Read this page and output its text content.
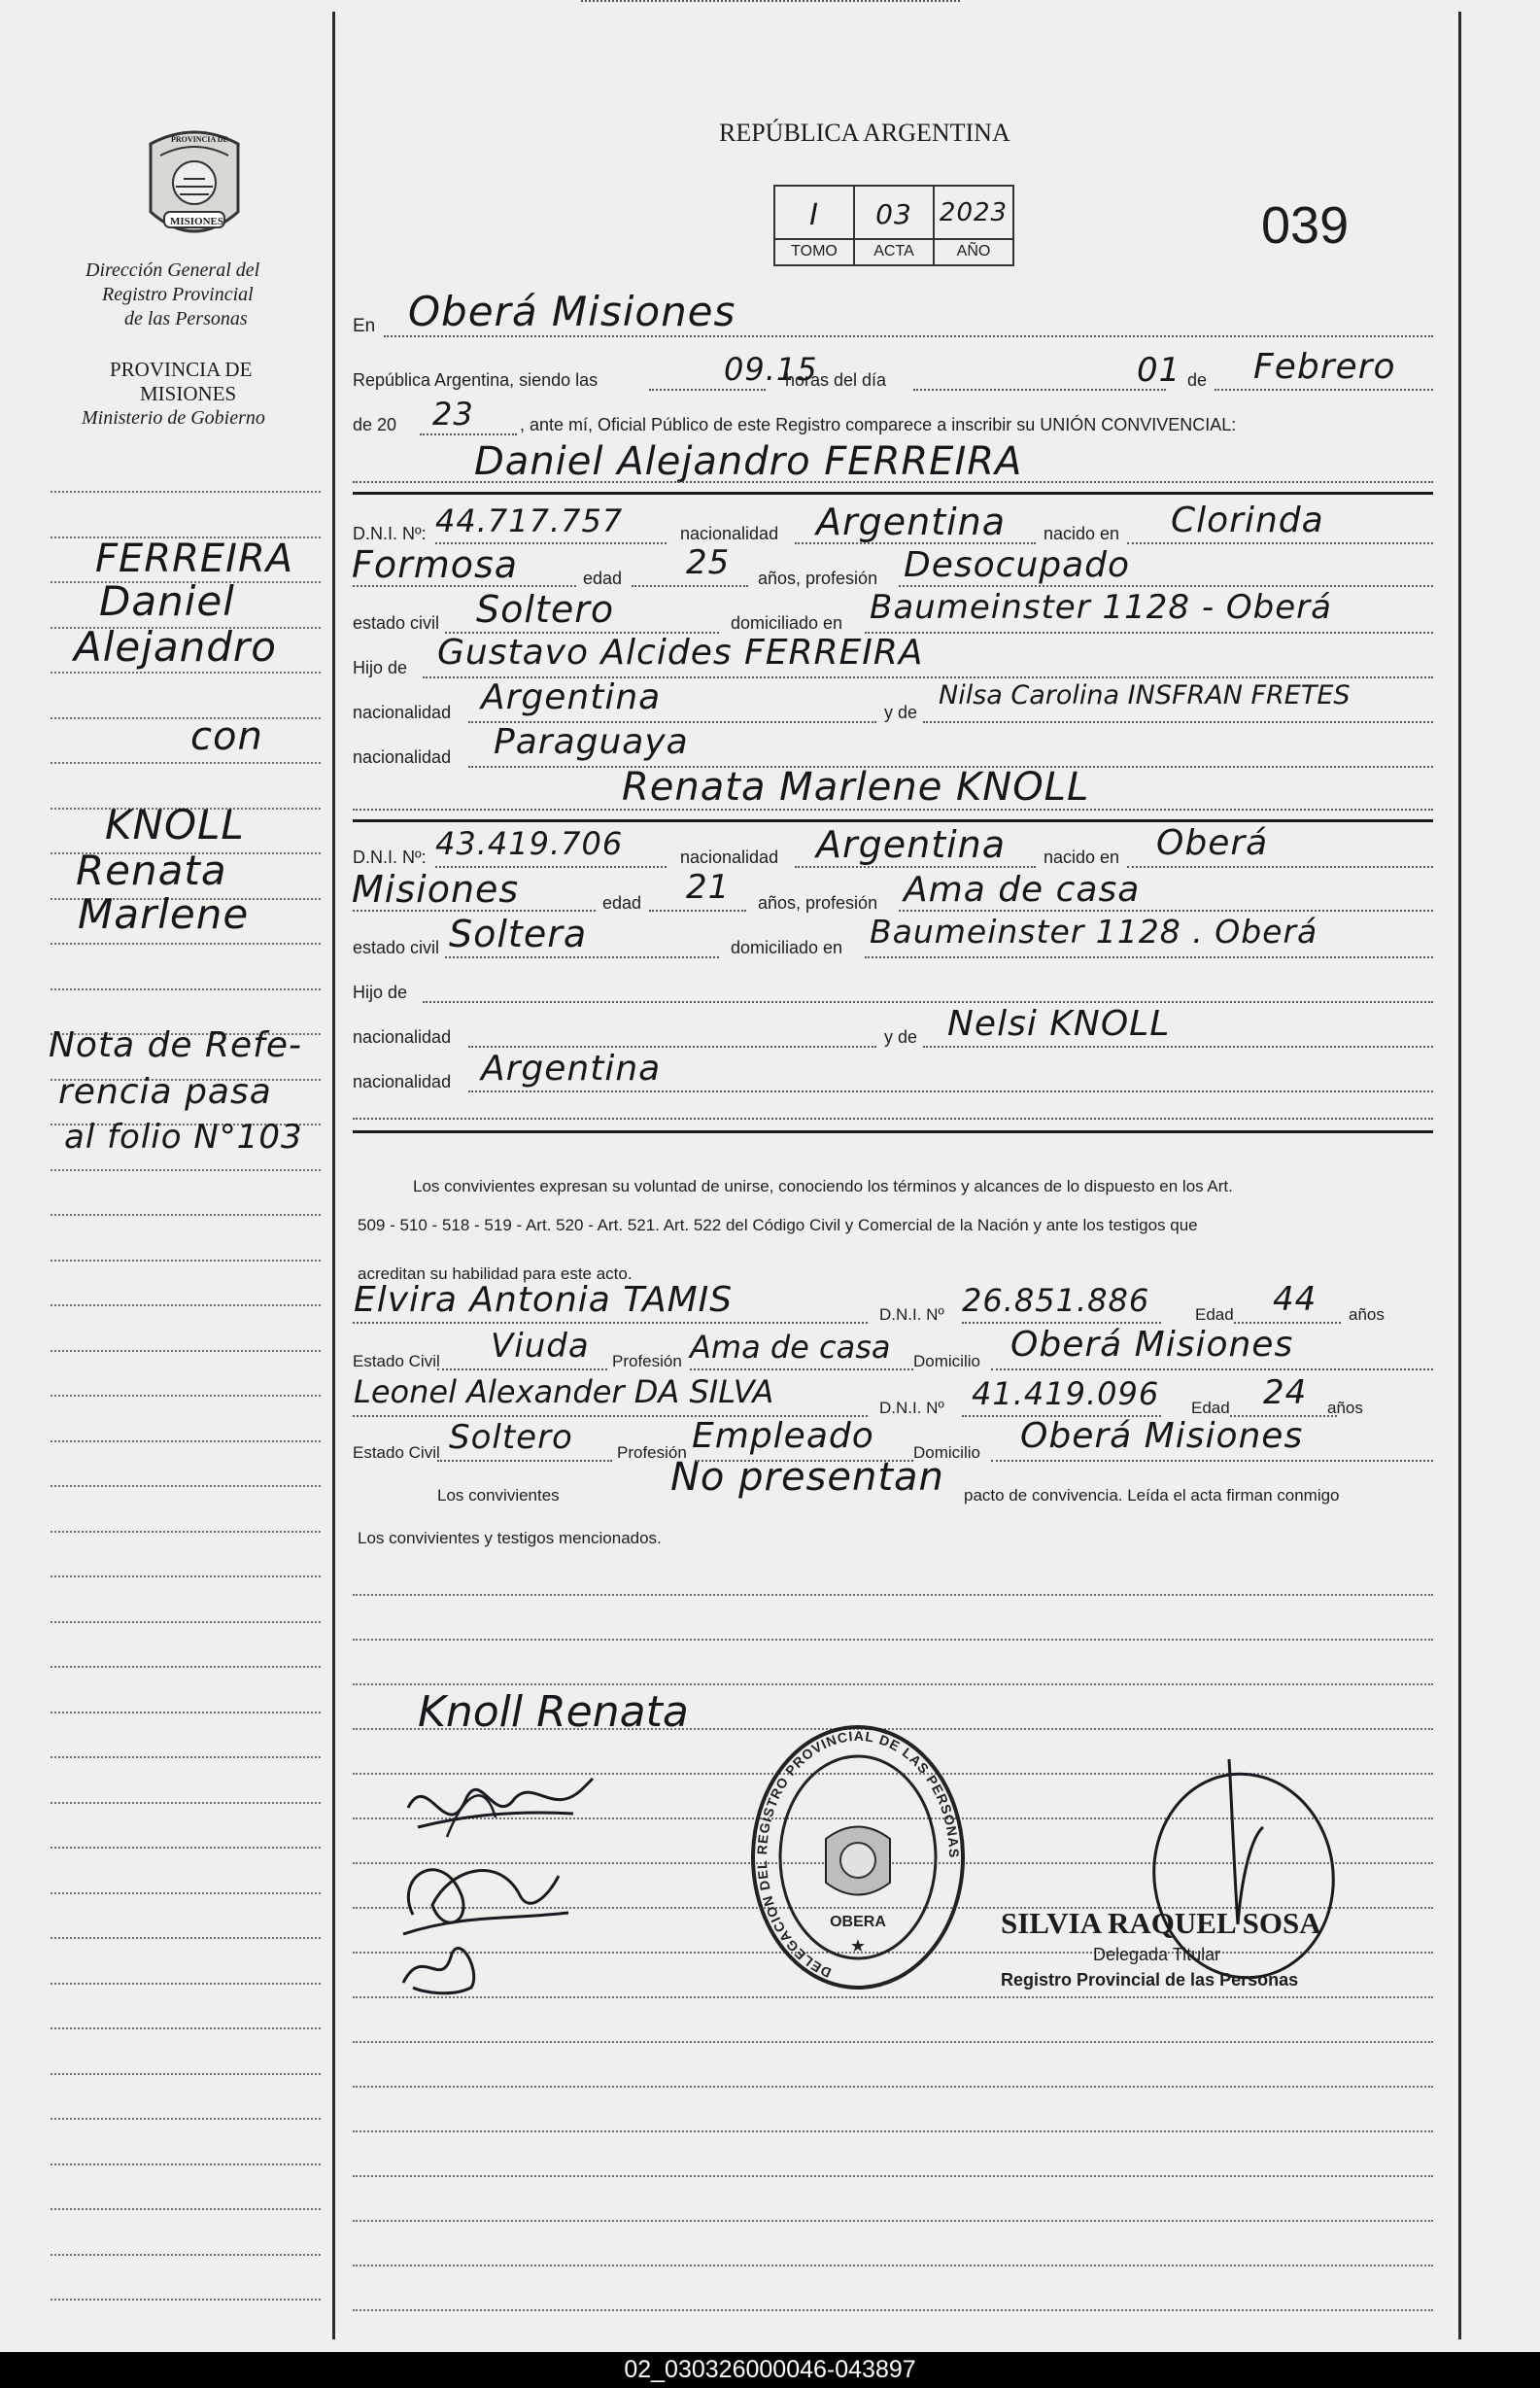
PROVINCIA DE
MISIONES
Dirección General del
Registro Provincial
de las Personas
PROVINCIA DE
MISIONES
Ministerio de Gobierno
FERREIRA
Daniel
Alejandro
con
KNOLL
Renata
Marlene
Nota de Refe-
rencia pasa
al folio N°103
REPÚBLICA ARGENTINA
039
I
TOMO
03
ACTA
2023
AÑO
En Oberá Misiones
República Argentina, siendo las	09.15
horas del día	01 de Febrero
de 20 23	, ante mí, Oficial Público de este Registro comparece a inscribir su UNIÓN CONVIVENCIAL:
Daniel Alejandro FERREIRA
D.N.I. Nº: 44.717.757	nacionalidad Argentina nacido en Clorinda
Formosa	edad 25 años, profesión Desocupado
estado civil Soltero	domiciliado en Baumeinster 1128 - Oberá
Hijo de Gustavo Alcides FERREIRA
nacionalidad Argentina	y de
Nilsa Carolina INSFRAN FRETES
nacionalidad Paraguaya
Renata Marlene KNOLL
D.N.I. Nº: 43.419.706	nacionalidad Argentina nacido en Oberá
Misiones	edad 21 años, profesión Ama de casa
estado civil Soltera	domiciliado en Baumeinster 1128 . Oberá
Hijo de
nacionalidad	y de Nelsi KNOLL
nacionalidad Argentina
Los convivientes expresan su voluntad de unirse, conociendo los términos y alcances de lo dispuesto en los Art.
509 - 510 - 518 - 519 - Art. 520 - Art. 521. Art. 522 del Código Civil y Comercial de la Nación y ante los testigos que
acreditan su habilidad para este acto.
Elvira Antonia TAMIS	D.N.I. Nº 26.851.886	Edad 44 años
Estado Civil Viuda Profesión Ama de casa Domicilio Oberá Misiones
Leonel Alexander DA SILVA	D.N.I. Nº 41.419.096 Edad 24 años
Estado Civil Soltero	Profesión Empleado Domicilio Oberá Misiones
Los convivientes	No presentan pacto de convivencia. Leída el acta firman conmigo
Los convivientes y testigos mencionados.
Knoll Renata
DELEGACION DEL REGISTRO PROVINCIAL DE LAS PERSONAS
OBERA
★
SILVIA RAQUEL SOSA
Delegada Titular
Registro Provincial de las Personas
02_030326000046-043897
